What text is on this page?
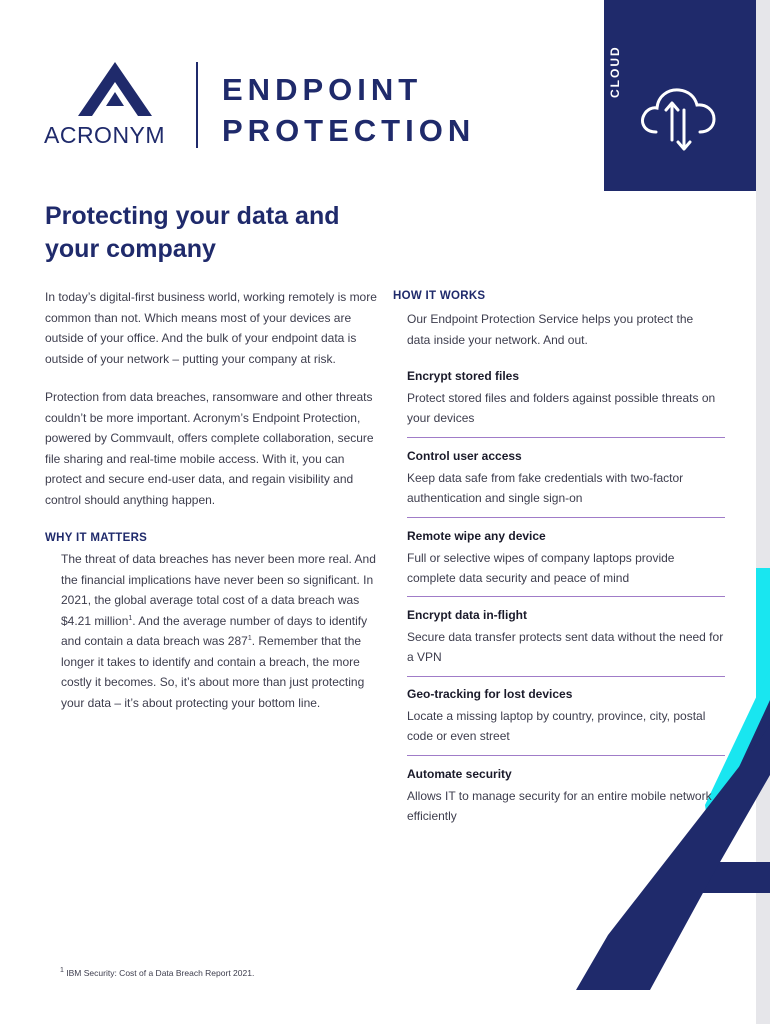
CLOUD
ACRONYM
ENDPOINT
PROTECTION
Protecting your data and your company

In today’s digital-first business world, working remotely is more common than not. Which means most of your devices are outside of your office. And the bulk of your endpoint data is outside of your network – putting your company at risk.

Protection from data breaches, ransomware and other threats couldn’t be more important. Acronym’s Endpoint Protection, powered by Commvault, offers complete collaboration, secure file sharing and real-time mobile access. With it, you can protect and secure end-user data, and regain visibility and control should anything happen.

WHY IT MATTERS

The threat of data breaches has never been more real. And the financial implications have never been so significant. In 2021, the global average total cost of a data breach was $4.21 million$^1$. And the average number of days to identify and contain a data breach was $287^1$. Remember that the longer it takes to identify and contain a breach, the more costly it becomes. So, it’s about more than just protecting your data – it’s about protecting your bottom line.

HOW IT WORKS

Our Endpoint Protection Service helps you protect the data inside your network. And out.

Encrypt stored files

Protect stored files and folders against possible threats on your devices

Control user access

Keep data safe from fake credentials with two-factor authentication and single sign-on

Remote wipe any device

Full or selective wipes of company laptops provide complete data security and peace of mind

Encrypt data in-flight

Secure data transfer protects sent data without the need for a VPN

Geo-tracking for lost devices

Locate a missing laptop by country, province, city, postal code or even street

Automate security

Allows IT to manage security for an entire mobile network efficiently

$^1$ IBM Security: Cost of a Data Breach Report 2021.
